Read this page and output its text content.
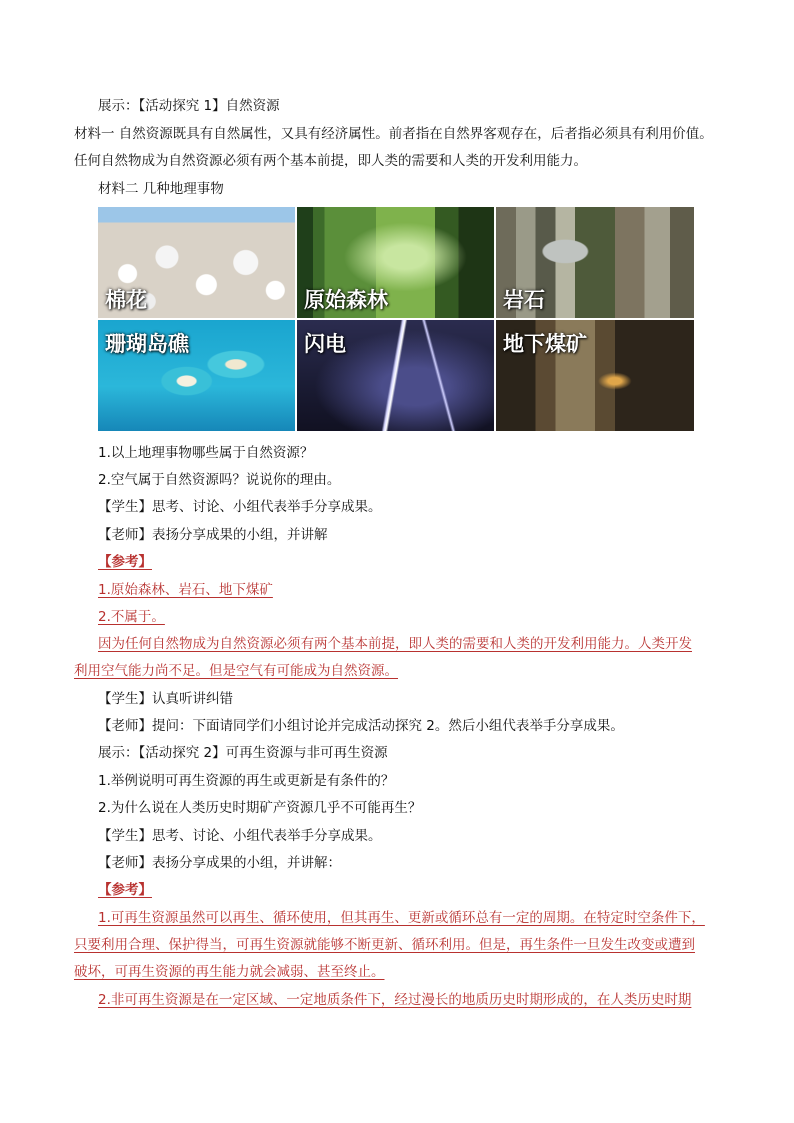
展示：【活动探究 1】自然资源
材料一 自然资源既具有自然属性，又具有经济属性。前者指在自然界客观存在，后者指必须具有利用价值。
任何自然物成为自然资源必须有两个基本前提，即人类的需要和人类的开发利用能力。
材料二 几种地理事物
棉花	原始森林	岩石
珊瑚岛礁	闪电	地下煤矿
1.以上地理事物哪些属于自然资源？
2.空气属于自然资源吗？说说你的理由。
【学生】思考、讨论、小组代表举手分享成果。
【老师】表扬分享成果的小组，并讲解
【参考】
1.原始森林、岩石、地下煤矿
2.不属于。
因为任何自然物成为自然资源必须有两个基本前提，即人类的需要和人类的开发利用能力。人类开发
利用空气能力尚不足。但是空气有可能成为自然资源。
【学生】认真听讲纠错
【老师】提问：下面请同学们小组讨论并完成活动探究 2。然后小组代表举手分享成果。
展示：【活动探究 2】可再生资源与非可再生资源
1.举例说明可再生资源的再生或更新是有条件的？
2.为什么说在人类历史时期矿产资源几乎不可能再生？
【学生】思考、讨论、小组代表举手分享成果。
【老师】表扬分享成果的小组，并讲解：
【参考】
1.可再生资源虽然可以再生、循环使用，但其再生、更新或循环总有一定的周期。在特定时空条件下，
只要利用合理、保护得当，可再生资源就能够不断更新、循环利用。但是，再生条件一旦发生改变或遭到
破坏，可再生资源的再生能力就会减弱、甚至终止。
2.非可再生资源是在一定区域、一定地质条件下，经过漫长的地质历史时期形成的，在人类历史时期
